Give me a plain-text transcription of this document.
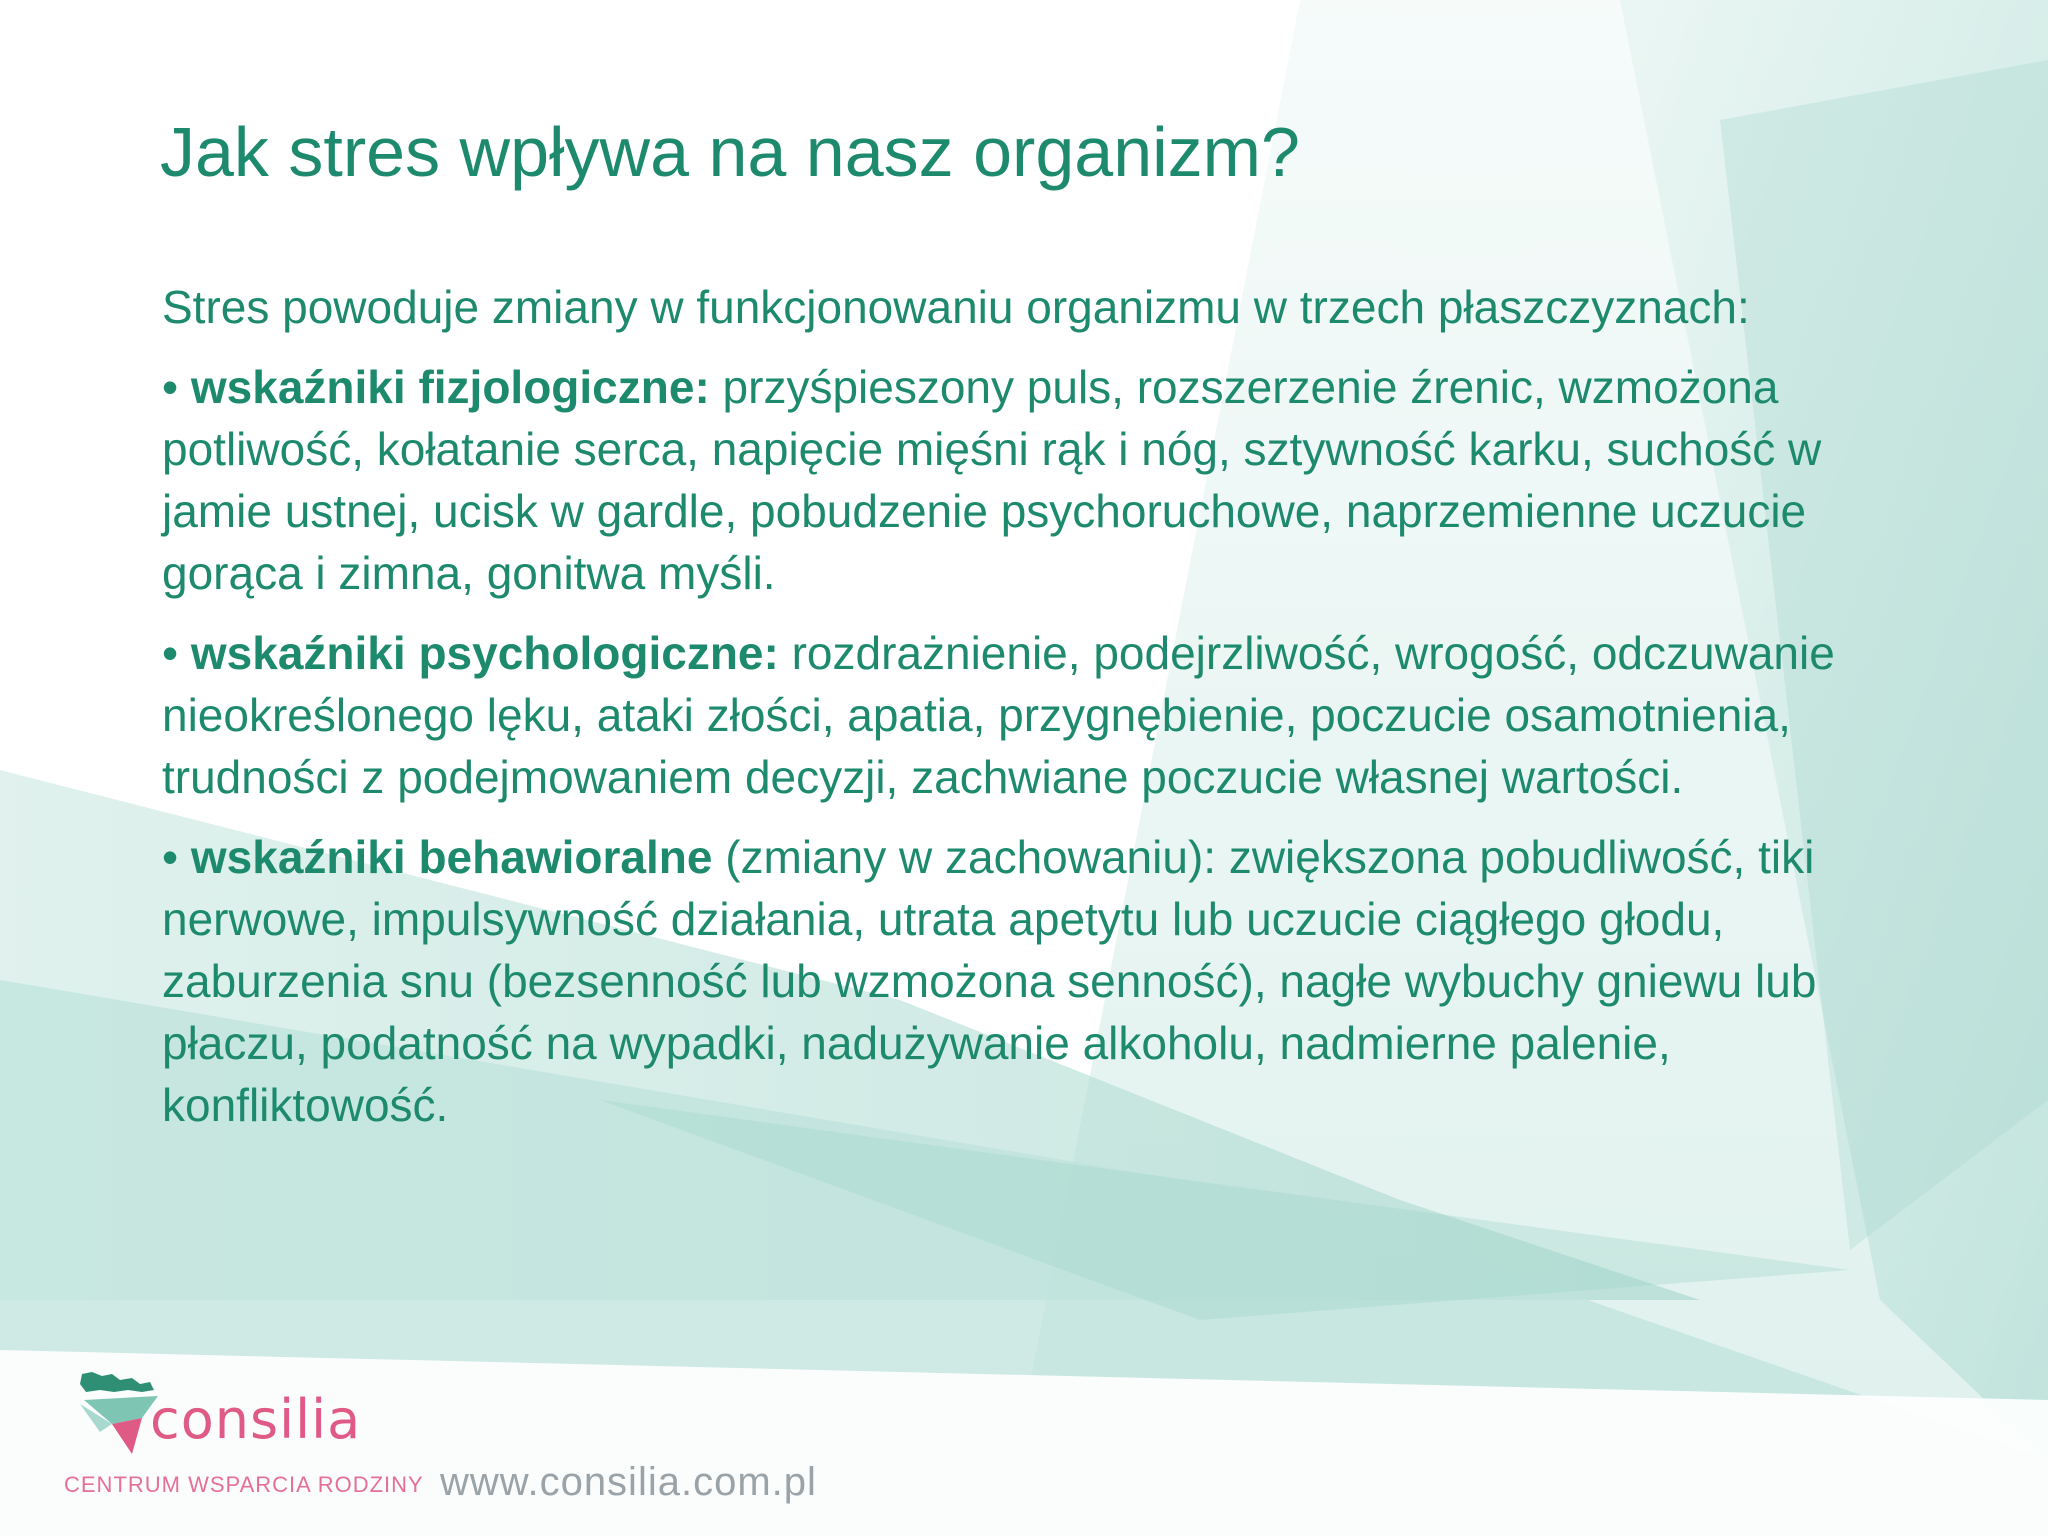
Jak stres wpływa na nasz organizm?

Stres powoduje zmiany w funkcjonowaniu organizmu w trzech płaszczyznach:

• wskaźniki fizjologiczne: przyśpieszony puls, rozszerzenie źrenic, wzmożona potliwość, kołatanie serca, napięcie mięśni rąk i nóg, sztywność karku, suchość w jamie ustnej, ucisk w gardle, pobudzenie psychoruchowe, naprzemienne uczucie gorąca i zimna, gonitwa myśli.

• wskaźniki psychologiczne: rozdrażnienie, podejrzliwość, wrogość, odczuwanie nieokreślonego lęku, ataki złości, apatia, przygnębienie, poczucie osamotnienia, trudności z podejmowaniem decyzji, zachwiane poczucie własnej wartości.

• wskaźniki behawioralne (zmiany w zachowaniu): zwiększona pobudliwość, tiki nerwowe, impulsywność działania, utrata apetytu lub uczucie ciągłego głodu, zaburzenia snu (bezsenność lub wzmożona senność), nagłe wybuchy gniewu lub płaczu, podatność na wypadki, nadużywanie alkoholu, nadmierne palenie, konfliktowość.

consilia
CENTRUM WSPARCIA RODZINY www.consilia.com.pl
